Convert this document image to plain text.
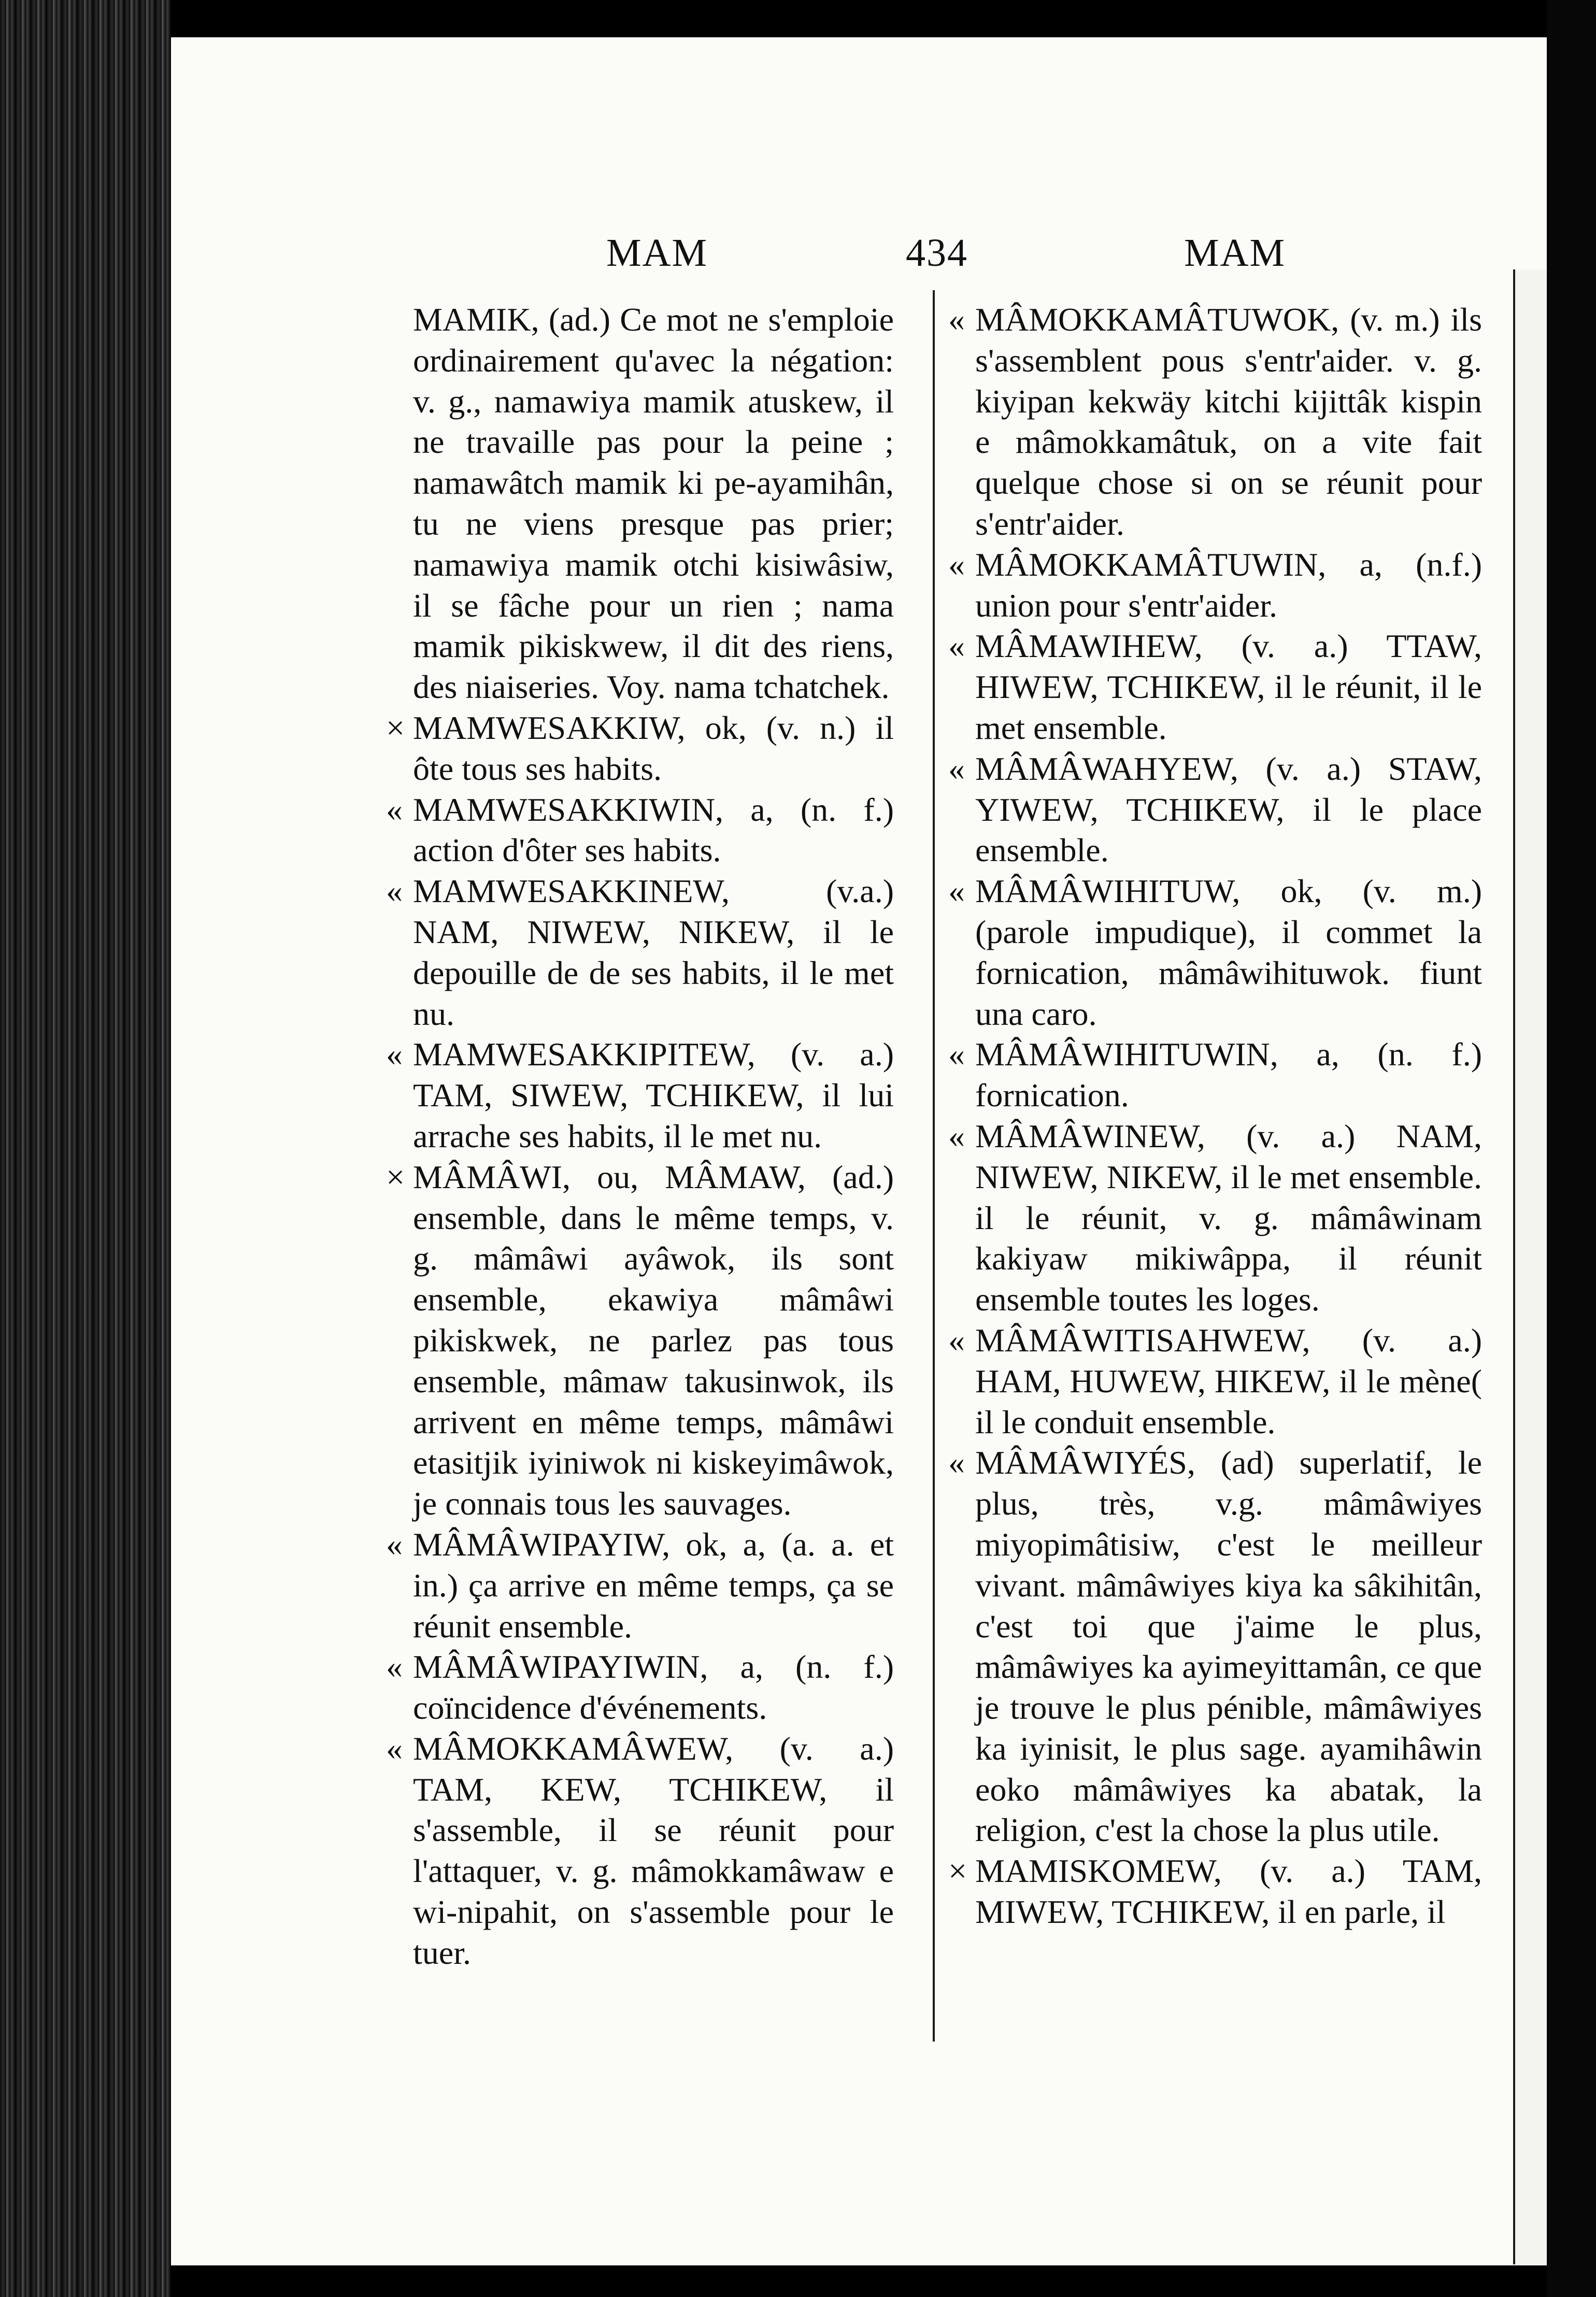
MAM	434	MAM

MAMIK, (ad.) Ce mot ne s'emploie ordinairement qu'avec la négation: v. g., namawiya mamik atuskew, il ne travaille pas pour la peine ; namawâtch mamik ki pe-ayamihân, tu ne viens presque pas prier; namawiya mamik otchi kisiwâsiw, il se fâche pour un rien ; nama mamik pikiskwew, il dit des riens, des niaiseries. Voy. nama tchatchek.

× MAMWESAKKIW, ok, (v. n.) il ôte tous ses habits.

« MAMWESAKKIWIN, a, (n. f.) action d'ôter ses habits.

« MAMWESAKKINEW, (v.a.) NAM, NIWEW, NIKEW, il le depouille de de ses habits, il le met nu.

« MAMWESAKKIPITEW, (v. a.) TAM, SIWEW, TCHIKEW, il lui arrache ses habits, il le met nu.

× MÂMÂWI, ou, MÂMAW, (ad.) ensemble, dans le même temps, v. g. mâmâwi ayâwok, ils sont ensemble, ekawiya mâmâwi pikiskwek, ne parlez pas tous ensemble, mâmaw takusinwok, ils arrivent en même temps, mâmâwi etasitjik iyiniwok ni kiskeyimâwok, je connais tous les sauvages.

« MÂMÂWIPAYIW, ok, a, (a. a. et in.) ça arrive en même temps, ça se réunit ensemble.

« MÂMÂWIPAYIWIN, a, (n. f.) coïncidence d'événements.

« MÂMOKKAMÂWEW, (v. a.) TAM, KEW, TCHIKEW, il s'assemble, il se réunit pour l'attaquer, v. g. mâmokkamâwaw e wi-nipahit, on s'assemble pour le tuer.

« MÂMOKKAMÂTUWOK, (v. m.) ils s'assemblent pous s'entr'aider. v. g. kiyipan kekwäy kitchi kijittâk kispin e mâmokkamâtuk, on a vite fait quelque chose si on se réunit pour s'entr'aider.

« MÂMOKKAMÂTUWIN, a, (n.f.) union pour s'entr'aider.

« MÂMAWIHEW, (v. a.) TTAW, HIWEW, TCHIKEW, il le réunit, il le met ensemble.

« MÂMÂWAHYEW, (v. a.) STAW, YIWEW, TCHIKEW, il le place ensemble.

« MÂMÂWIHITUW, ok, (v. m.) (parole impudique), il commet la fornication, mâmâwihituwok. fiunt una caro.

« MÂMÂWIHITUWIN, a, (n. f.) fornication.

« MÂMÂWINEW, (v. a.) NAM, NIWEW, NIKEW, il le met ensemble. il le réunit, v. g. mâmâwinam kakiyaw mikiwâppa, il réunit ensemble toutes les loges.

« MÂMÂWITISAHWEW, (v. a.) HAM, HUWEW, HIKEW, il le mène( il le conduit ensemble.

« MÂMÂWIYÉS, (ad) superlatif, le plus, très, v.g. mâmâwiyes miyopimâtisiw, c'est le meilleur vivant. mâmâwiyes kiya ka sâkihitân, c'est toi que j'aime le plus, mâmâwiyes ka ayimeyittamân, ce que je trouve le plus pénible, mâmâwiyes ka iyinisit, le plus sage. ayamihâwin eoko mâmâwiyes ka abatak, la religion, c'est la chose la plus utile.

× MAMISKOMEW, (v. a.) TAM, MIWEW, TCHIKEW, il en parle, il
